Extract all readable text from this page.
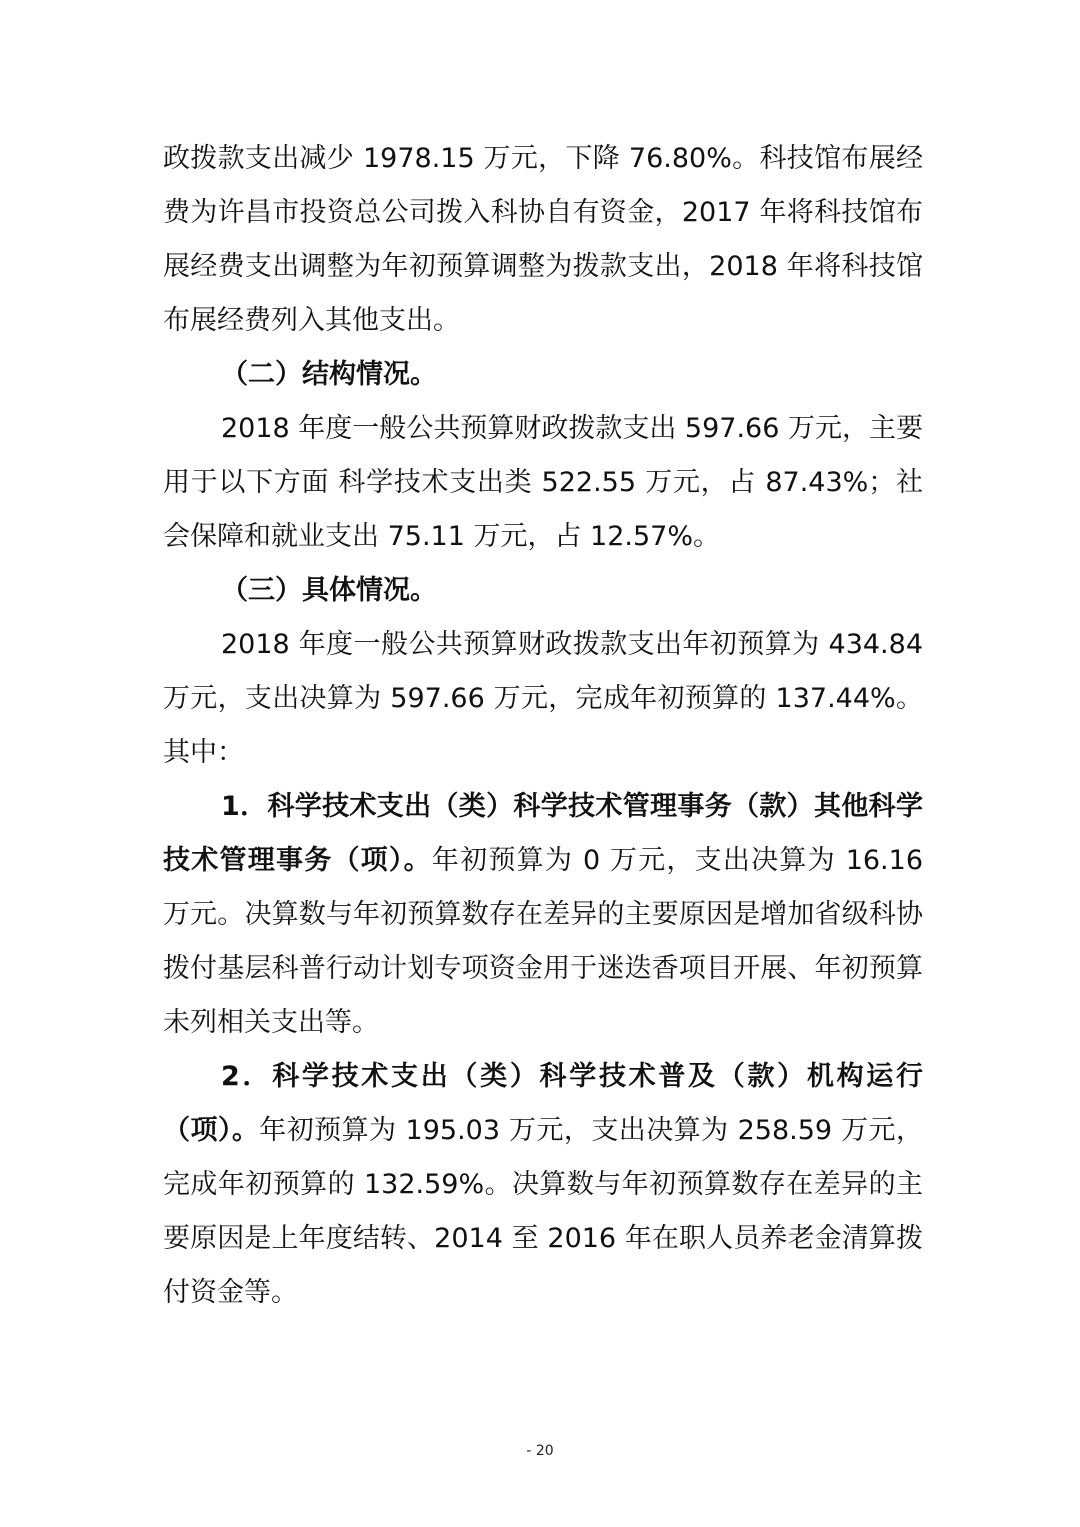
政拨款支出减少 1978.15 万元，下降 76.80%。科技馆布展经费为许昌市投资总公司拨入科协自有资金，2017 年将科技馆布展经费支出调整为年初预算调整为拨款支出，2018 年将科技馆布展经费列入其他支出。

（二）结构情况。

2018 年度一般公共预算财政拨款支出 597.66 万元，主要用于以下方面 科学技术支出类 522.55 万元，占 87.43%；社会保障和就业支出 75.11 万元，占 12.57%。

（三）具体情况。

2018 年度一般公共预算财政拨款支出年初预算为 434.84 万元，支出决算为 597.66 万元，完成年初预算的 137.44%。其中：

1．科学技术支出（类）科学技术管理事务（款）其他科学技术管理事务（项）。年初预算为 0 万元，支出决算为 16.16 万元。决算数与年初预算数存在差异的主要原因是增加省级科协拨付基层科普行动计划专项资金用于迷迭香项目开展、年初预算未列相关支出等。

2．科学技术支出（类）科学技术普及（款）机构运行（项）。年初预算为 195.03 万元，支出决算为 258.59 万元，完成年初预算的 132.59%。决算数与年初预算数存在差异的主要原因是上年度结转、2014 至 2016 年在职人员养老金清算拨付资金等。

- 20
